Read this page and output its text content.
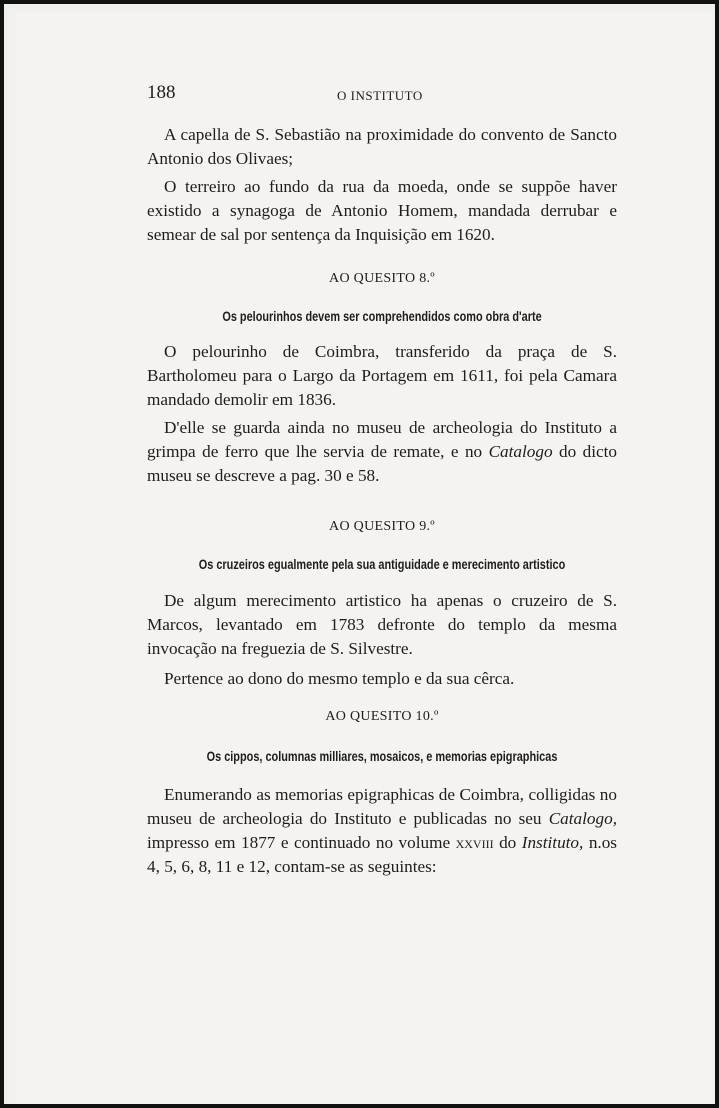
188	O INSTITUTO

A capella de S. Sebastião na proximidade do convento de Sancto Antonio dos Olivaes;

O terreiro ao fundo da rua da moeda, onde se suppõe haver existido a synagoga de Antonio Homem, mandada derrubar e semear de sal por sentença da Inquisição em 1620.

AO QUESITO 8.º
Os pelourinhos devem ser comprehendidos como obra d'arte

O pelourinho de Coimbra, transferido da praça de S. Bartholomeu para o Largo da Portagem em 1611, foi pela Camara mandado demolir em 1836.

D'elle se guarda ainda no museu de archeologia do Instituto a grimpa de ferro que lhe servia de remate, e no Catalogo do dicto museu se descreve a pag. 30 e 58.

AO QUESITO 9.º
Os cruzeiros egualmente pela sua antiguidade e merecimento artistico

De algum merecimento artistico ha apenas o cruzeiro de S. Marcos, levantado em 1783 defronte do templo da mesma invocação na freguezia de S. Silvestre.

Pertence ao dono do mesmo templo e da sua cêrca.

AO QUESITO 10.º
Os cippos, columnas milliares, mosaicos, e memorias epigraphicas

Enumerando as memorias epigraphicas de Coimbra, colligidas no museu de archeologia do Instituto e publicadas no seu Catalogo, impresso em 1877 e continuado no volume xxviii do Instituto, n.os 4, 5, 6, 8, 11 e 12, contam-se as seguintes:
